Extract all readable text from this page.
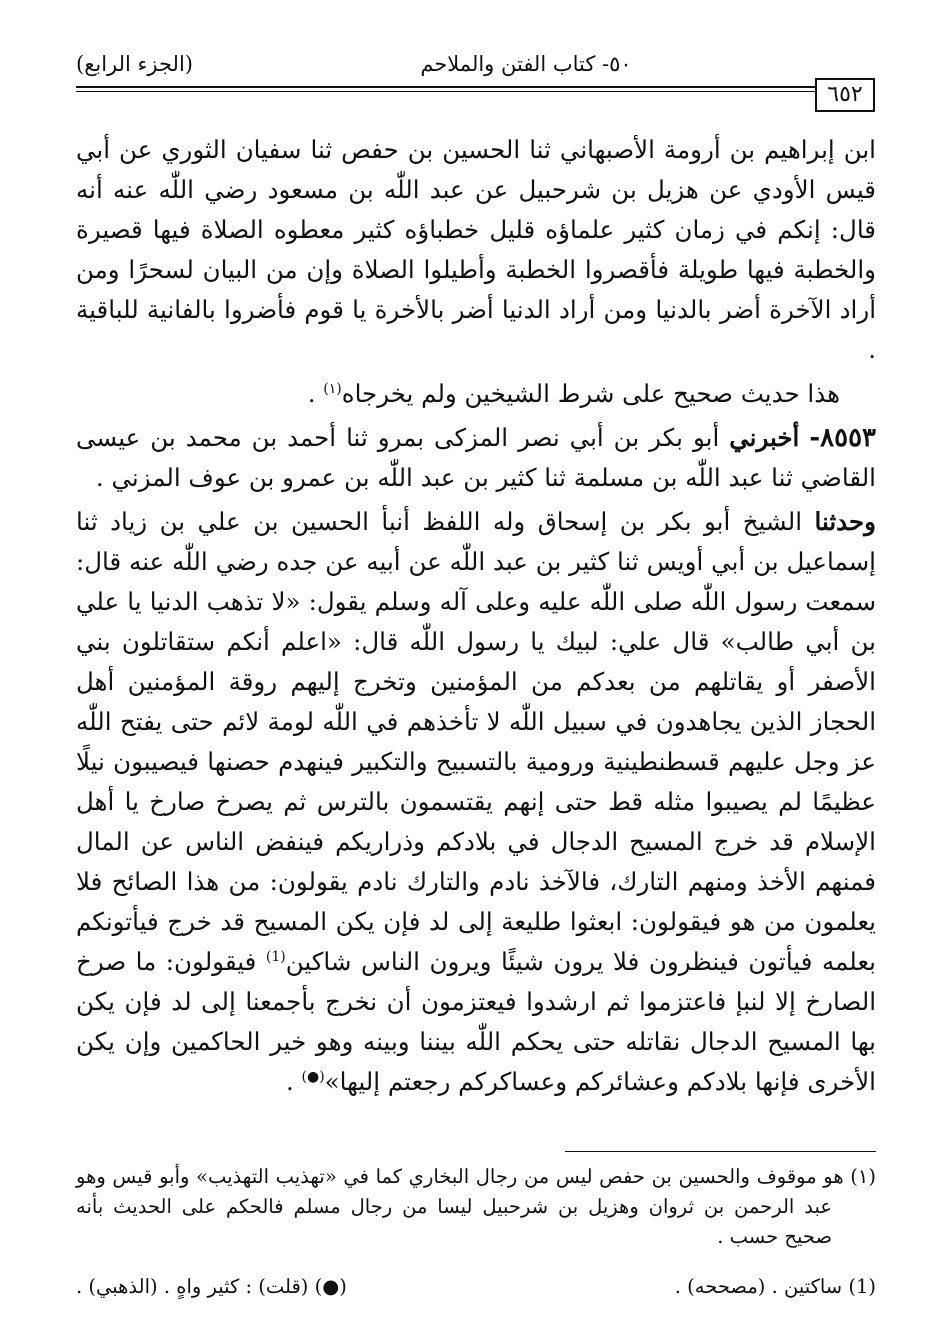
(الجزء الرابع)	٥٠- كتاب الفتن والملاحم
٦٥٢

ابن إبراهيم بن أرومة الأصبهاني ثنا الحسين بن حفص ثنا سفيان الثوري عن أبي قيس الأودي عن هزيل بن شرحبيل عن عبد اللّٰه بن مسعود رضي اللّٰه عنه أنه قال: إنكم في زمان كثير علماؤه قليل خطباؤه كثير معطوه الصلاة فيها قصيرة والخطبة فيها طويلة فأقصروا الخطبة وأطيلوا الصلاة وإن من البيان لسحرًا ومن أراد الآخرة أضر بالدنيا ومن أراد الدنيا أضر بالأخرة يا قوم فأضروا بالفانية للباقية .

هذا حديث صحيح على شرط الشيخين ولم يخرجاه$^{(١)}$ .

٨٥٥٣- أخبرني أبو بكر بن أبي نصر المزكى بمرو ثنا أحمد بن محمد بن عيسى القاضي ثنا عبد اللّٰه بن مسلمة ثنا كثير بن عبد اللّٰه بن عمرو بن عوف المزني .

وحدثنا الشيخ أبو بكر بن إسحاق وله اللفظ أنبأ الحسين بن علي بن زياد ثنا إسماعيل بن أبي أويس ثنا كثير بن عبد اللّٰه عن أبيه عن جده رضي اللّٰه عنه قال: سمعت رسول اللّٰه صلى اللّٰه عليه وعلى آله وسلم يقول: «لا تذهب الدنيا يا علي بن أبي طالب» قال علي: لبيك يا رسول اللّٰه قال: «اعلم أنكم ستقاتلون بني الأصفر أو يقاتلهم من بعدكم من المؤمنين وتخرج إليهم روقة المؤمنين أهل الحجاز الذين يجاهدون في سبيل اللّٰه لا تأخذهم في اللّٰه لومة لائم حتى يفتح اللّٰه عز وجل عليهم قسطنطينية ورومية بالتسبيح والتكبير فينهدم حصنها فيصيبون نيلًا عظيمًا لم يصيبوا مثله قط حتى إنهم يقتسمون بالترس ثم يصرخ صارخ يا أهل الإسلام قد خرج المسيح الدجال في بلادكم وذراريكم فينفض الناس عن المال فمنهم الأخذ ومنهم التارك، فالآخذ نادم والتارك نادم يقولون: من هذا الصائح فلا يعلمون من هو فيقولون: ابعثوا طليعة إلى لد فإن يكن المسيح قد خرج فيأتونكم بعلمه فيأتون فينظرون فلا يرون شيئًا ويرون الناس شاكين$^{(1)}$ فيقولون: ما صرخ الصارخ إلا لنبإ فاعتزموا ثم ارشدوا فيعتزمون أن نخرج بأجمعنا إلى لد فإن يكن بها المسيح الدجال نقاتله حتى يحكم اللّٰه بيننا وبينه وهو خير الحاكمين وإن يكن الأخرى فإنها بلادكم وعشائركم وعساكركم رجعتم إليها»(●) .

(١) هو موقوف والحسين بن حفص ليس من رجال البخاري كما في «تهذيب التهذيب» وأبو قيس وهو عبد الرحمن بن ثروان وهزيل بن شرحبيل ليسا من رجال مسلم فالحكم على الحديث بأنه صحيح حسب .

(1) ساكتين . (مصححه) .
(●) (قلت) : كثير واهٍ . (الذهبي) .
